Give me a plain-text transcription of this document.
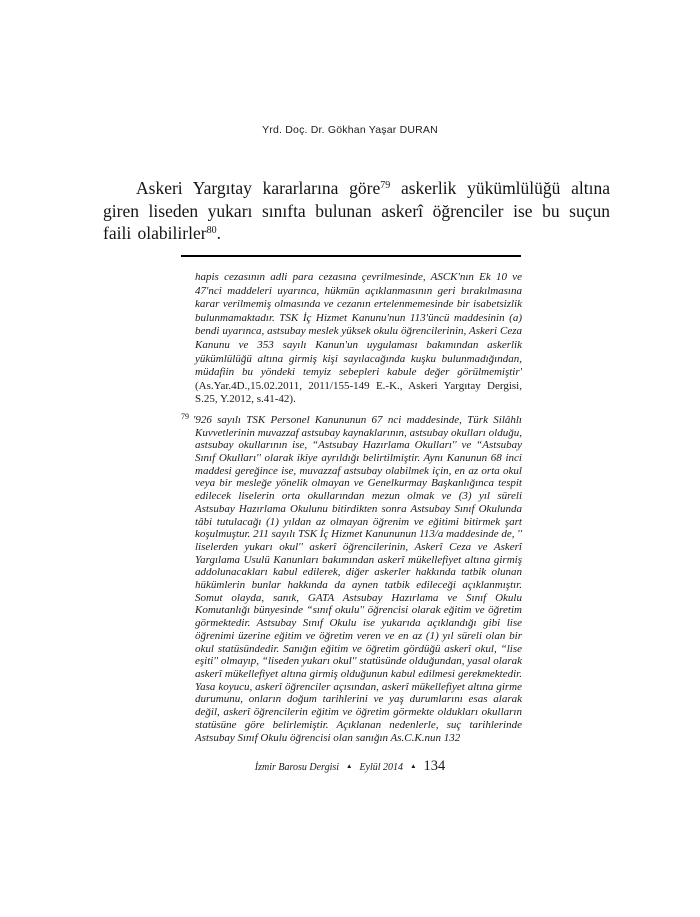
Yrd. Doç. Dr. Gökhan Yaşar DURAN
Askeri Yargıtay kararlarına göre$^{79}$ askerlik yükümlülüğü altına giren liseden yukarı sınıfta bulunan askerî öğrenciler ise bu suçun faili olabilirler$^{80}$.
hapis cezasının adli para cezasına çevrilmesinde, ASCK'nın Ek 10 ve 47'nci maddeleri uyarınca, hükmün açıklanmasının geri bırakılmasına karar verilmemiş olmasında ve cezanın ertelenmemesinde bir isabetsizlik bulunmamaktadır. TSK İç Hizmet Kanunu'nun 113'üncü maddesinin (a) bendi uyarınca, astsubay meslek yüksek okulu öğrencilerinin, Askeri Ceza Kanunu ve 353 sayılı Kanun'un uygulaması bakımından askerlik yükümlülüğü altına girmiş kişi sayılacağında kuşku bulunmadığından, müdafiin bu yöndeki temyiz sebepleri kabule değer görülmemiştir' (As.Yar.4D.,15.02.2011, 2011/155-149 E.-K., Askeri Yargıtay Dergisi, S.25, Y.2012, s.41-42).
$^{79}$ '926 sayılı TSK Personel Kanununun 67 nci maddesinde, Türk Silâhlı Kuvvetlerinin muvazzaf astsubay kaynaklarının, astsubay okulları olduğu, astsubay okullarının ise, “Astsubay Hazırlama Okulları'' ve “Astsubay Sınıf Okulları'' olarak ikiye ayrıldığı belirtilmiştir. Aynı Kanunun 68 inci maddesi gereğince ise, muvazzaf astsubay olabilmek için, en az orta okul veya bir mesleğe yönelik olmayan ve Genelkurmay Başkanlığınca tespit edilecek liselerin orta okullarından mezun olmak ve (3) yıl süreli Astsubay Hazırlama Okulunu bitirdikten sonra Astsubay Sınıf Okulunda tâbi tutulacağı (1) yıldan az olmayan öğrenim ve eğitimi bitirmek şart koşulmuştur. 211 sayılı TSK İç Hizmet Kanununun 113/a maddesinde de, '' liselerden yukarı okul'' askerî öğrencilerinin, Askerî Ceza ve Askerî Yargılama Usulü Kanunları bakımından askerî mükellefiyet altına girmiş addolunacakları kabul edilerek, diğer askerler hakkında tatbik olunan hükümlerin bunlar hakkında da aynen tatbik edileceği açıklanmıştır. Somut olayda, sanık, GATA Astsubay Hazırlama ve Sınıf Okulu Komutanlığı bünyesinde “sınıf okulu'' öğrencisi olarak eğitim ve öğretim görmektedir. Astsubay Sınıf Okulu ise yukarıda açıklandığı gibi lise öğrenimi üzerine eğitim ve öğretim veren ve en az (1) yıl süreli olan bir okul statüsündedir. Sanığın eğitim ve öğretim gördüğü askerî okul, “lise eşiti'' olmayıp, “liseden yukarı okul'' statüsünde olduğundan, yasal olarak askerî mükellefiyet altına girmiş olduğunun kabul edilmesi gerekmektedir. Yasa koyucu, askerî öğrenciler açısından, askerî mükellefiyet altına girme durumunu, onların doğum tarihlerini ve yaş durumlarını esas alarak değil, askerî öğrencilerin eğitim ve öğretim görmekte oldukları okulların statüsüne göre belirlemiştir. Açıklanan nedenlerle, suç tarihlerinde Astsubay Sınıf Okulu öğrencisi olan sanığın As.C.K.nun 132
İzmir Barosu Dergisi ▲ Eylül 2014 ▲ 134
